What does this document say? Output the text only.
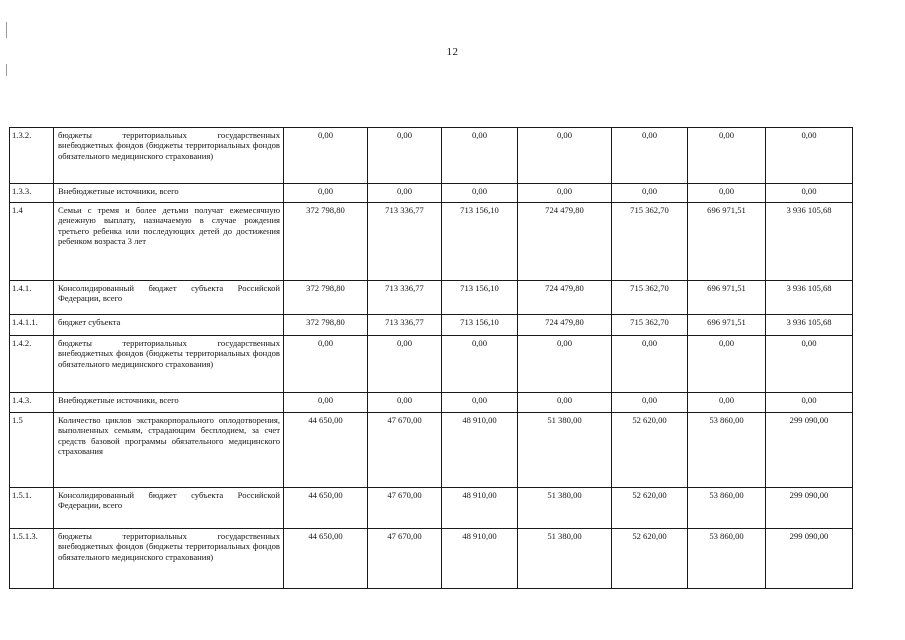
12
1.3.2.	бюджеты территориальных государственных внебюджетных фондов (бюджеты территориальных фондов обязательного медицинского страхования)	0,00	0,00	0,00	0,00	0,00	0,00	0,00
1.3.3.	Внебюджетные источники, всего	0,00	0,00	0,00	0,00	0,00	0,00	0,00
1.4	Семьи с тремя и более детьми получат ежемесячную денежную выплату, назначаемую в случае рождения третьего ребенка или последующих детей до достижения ребенком возраста 3 лет	372 798,80	713 336,77	713 156,10	724 479,80	715 362,70	696 971,51	3 936 105,68
1.4.1.	Консолидированный бюджет субъекта Российской Федерации, всего	372 798,80	713 336,77	713 156,10	724 479,80	715 362,70	696 971,51	3 936 105,68
1.4.1.1.	бюджет субъекта	372 798,80	713 336,77	713 156,10	724 479,80	715 362,70	696 971,51	3 936 105,68
1.4.2.	бюджеты территориальных государственных внебюджетных фондов (бюджеты территориальных фондов обязательного медицинского страхования)	0,00	0,00	0,00	0,00	0,00	0,00	0,00
1.4.3.	Внебюджетные источники, всего	0,00	0,00	0,00	0,00	0,00	0,00	0,00
1.5	Количество циклов экстракорпорального оплодотворения, выполненных семьям, страдающим бесплодием, за счет средств базовой программы обязательного медицинского страхования	44 650,00	47 670,00	48 910,00	51 380,00	52 620,00	53 860,00	299 090,00
1.5.1.	Консолидированный бюджет субъекта Российской Федерации, всего	44 650,00	47 670,00	48 910,00	51 380,00	52 620,00	53 860,00	299 090,00
1.5.1.3.	бюджеты территориальных государственных внебюджетных фондов (бюджеты территориальных фондов обязательного медицинского страхования)	44 650,00	47 670,00	48 910,00	51 380,00	52 620,00	53 860,00	299 090,00
